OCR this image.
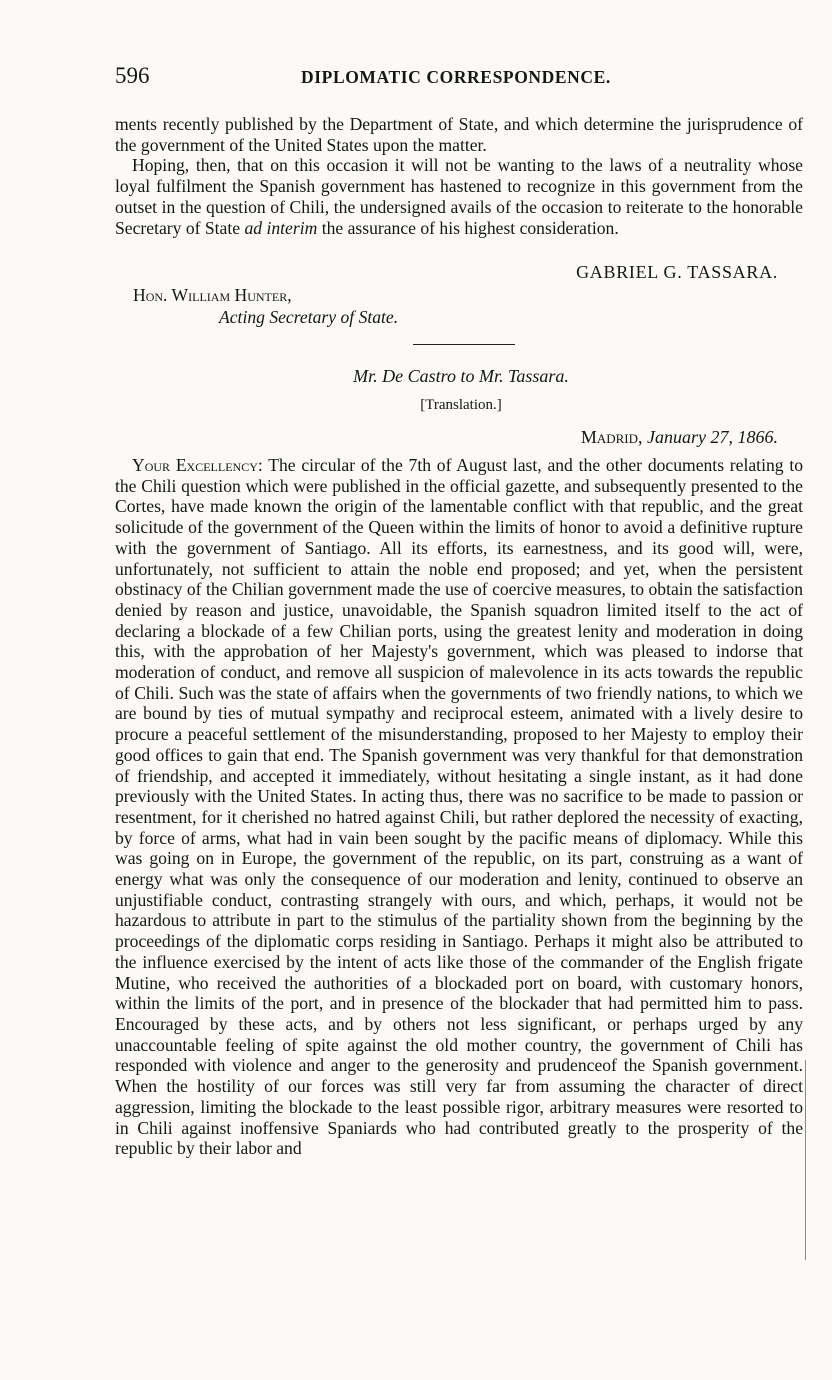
596	DIPLOMATIC CORRESPONDENCE.

ments recently published by the Department of State, and which determine the jurisprudence of the government of the United States upon the matter.

Hoping, then, that on this occasion it will not be wanting to the laws of a neutrality whose loyal fulfilment the Spanish government has hastened to recognize in this government from the outset in the question of Chili, the undersigned avails of the occasion to reiterate to the honorable Secretary of State ad interim the assurance of his highest consideration.

GABRIEL G. TASSARA.
Hon. William Hunter,
Acting Secretary of State.
Mr. De Castro to Mr. Tassara.
[Translation.]
Madrid, January 27, 1866.

Your Excellency: The circular of the 7th of August last, and the other documents relating to the Chili question which were published in the official gazette, and subsequently presented to the Cortes, have made known the origin of the lamentable conflict with that republic, and the great solicitude of the government of the Queen within the limits of honor to avoid a definitive rupture with the government of Santiago. All its efforts, its earnestness, and its good will, were, unfortunately, not sufficient to attain the noble end proposed; and yet, when the persistent obstinacy of the Chilian government made the use of coercive measures, to obtain the satisfaction denied by reason and justice, unavoidable, the Spanish squadron limited itself to the act of declaring a blockade of a few Chilian ports, using the greatest lenity and moderation in doing this, with the approbation of her Majesty's government, which was pleased to indorse that moderation of conduct, and remove all suspicion of malevolence in its acts towards the republic of Chili. Such was the state of affairs when the governments of two friendly nations, to which we are bound by ties of mutual sympathy and reciprocal esteem, animated with a lively desire to procure a peaceful settlement of the misunderstanding, proposed to her Majesty to employ their good offices to gain that end. The Spanish government was very thankful for that demonstration of friendship, and accepted it immediately, without hesitating a single instant, as it had done previously with the United States. In acting thus, there was no sacrifice to be made to passion or resentment, for it cherished no hatred against Chili, but rather deplored the necessity of exacting, by force of arms, what had in vain been sought by the pacific means of diplomacy. While this was going on in Europe, the government of the republic, on its part, construing as a want of energy what was only the consequence of our moderation and lenity, continued to observe an unjustifiable conduct, contrasting strangely with ours, and which, perhaps, it would not be hazardous to attribute in part to the stimulus of the partiality shown from the beginning by the proceedings of the diplomatic corps residing in Santiago. Perhaps it might also be attributed to the influence exercised by the intent of acts like those of the commander of the English frigate Mutine, who received the authorities of a blockaded port on board, with customary honors, within the limits of the port, and in presence of the blockader that had permitted him to pass. Encouraged by these acts, and by others not less significant, or perhaps urged by any unaccountable feeling of spite against the old mother country, the government of Chili has responded with violence and anger to the generosity and prudenceof the Spanish government. When the hostility of our forces was still very far from assuming the character of direct aggression, limiting the blockade to the least possible rigor, arbitrary measures were resorted to in Chili against inoffensive Spaniards who had contributed greatly to the prosperity of the republic by their labor and
